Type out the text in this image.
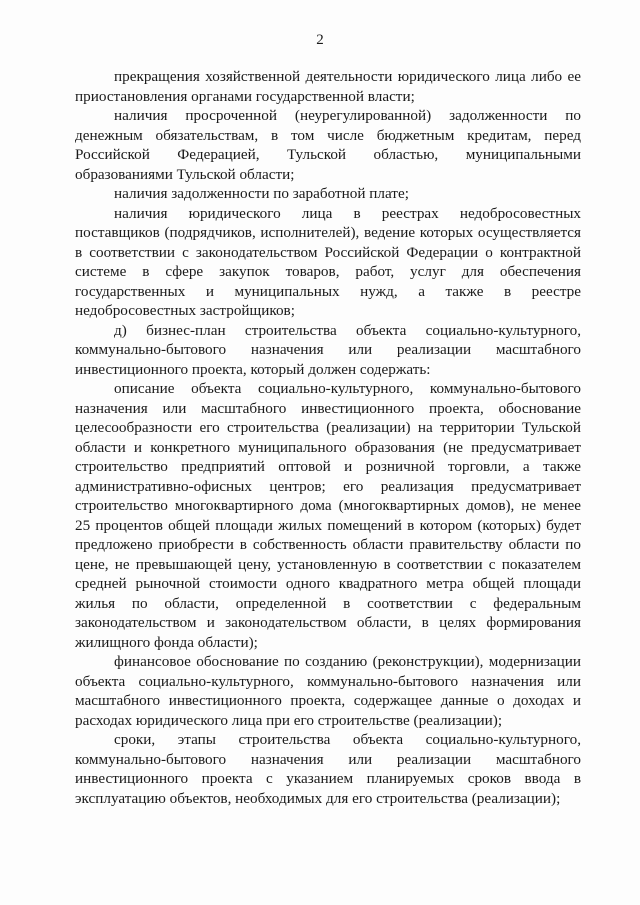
2

прекращения хозяйственной деятельности юридического лица либо ее приостановления органами государственной власти;

наличия просроченной (неурегулированной) задолженности по денежным обязательствам, в том числе бюджетным кредитам, перед Российской Федерацией, Тульской областью, муниципальными образованиями Тульской области;

наличия задолженности по заработной плате;

наличия юридического лица в реестрах недобросовестных поставщиков (подрядчиков, исполнителей), ведение которых осуществляется в соответствии с законодательством Российской Федерации о контрактной системе в сфере закупок товаров, работ, услуг для обеспечения государственных и муниципальных нужд, а также в реестре недобросовестных застройщиков;

д) бизнес-план строительства объекта социально-культурного, коммунально-бытового назначения или реализации масштабного инвестиционного проекта, который должен содержать:

описание объекта социально-культурного, коммунально-бытового назначения или масштабного инвестиционного проекта, обоснование целесообразности его строительства (реализации) на территории Тульской области и конкретного муниципального образования (не предусматривает строительство предприятий оптовой и розничной торговли, а также административно-офисных центров; его реализация предусматривает строительство многоквартирного дома (многоквартирных домов), не менее 25 процентов общей площади жилых помещений в котором (которых) будет предложено приобрести в собственность области правительству области по цене, не превышающей цену, установленную в соответствии с показателем средней рыночной стоимости одного квадратного метра общей площади жилья по области, определенной в соответствии с федеральным законодательством и законодательством области, в целях формирования жилищного фонда области);

финансовое обоснование по созданию (реконструкции), модернизации объекта социально-культурного, коммунально-бытового назначения или масштабного инвестиционного проекта, содержащее данные о доходах и расходах юридического лица при его строительстве (реализации);

сроки, этапы строительства объекта социально-культурного, коммунально-бытового назначения или реализации масштабного инвестиционного проекта с указанием планируемых сроков ввода в эксплуатацию объектов, необходимых для его строительства (реализации);
